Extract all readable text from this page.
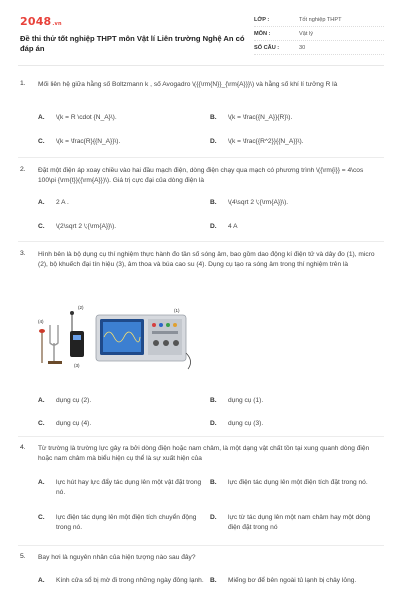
2048.vn
Đề thi thử tốt nghiệp THPT môn Vật lí Liên trường Nghệ An có đáp án
LỚP :	Tốt nghiệp THPT
MÔN :	Vật lý
SỐ CÂU :	30
1. Mối liên hệ giữa hằng số Boltzmann k , số Avogadro \({{\rm{N}}_{\rm{A}}}\) và hằng số khí lí tưởng R là
A. \(k = R \cdot {N_A}\).	B. \(k = \frac{{N_A}}{R}\).
C. \(k = \frac{R}{{N_A}}\).	D. \(k = \frac{{R^2}}{{N_A}}\).
2. Đặt một điện áp xoay chiều vào hai đầu mạch điện, dòng điện chạy qua mạch có phương trình \({\rm{i}} = 4\cos 100\pi {\rm{t}}({\rm{A}})\). Giá trị cực đại của dòng điện là
A. 2 A .	B. \(4\sqrt 2 \;{\rm{A}}\).
C. \(2\sqrt 2 \;{\rm{A}}\).	D. 4 A
3. Hình bên là bộ dụng cụ thí nghiệm thực hành đo tần số sóng âm, bao gồm dao động kí điện tử và dây đo (1), micro (2), bộ khuếch đại tín hiệu (3), âm thoa và búa cao su (4). Dụng cụ tạo ra sóng âm trong thí nghiệm trên là
A. dụng cụ (2).	B. dụng cụ (1).
C. dụng cụ (4).	D. dụng cụ (3).
(2)
(1)
(3)
(4)
4. Từ trường là trường lực gây ra bởi dòng điện hoặc nam châm, là một dạng vật chất tồn tại xung quanh dòng điện hoặc nam châm mà biểu hiện cụ thể là sự xuất hiện của
A. lực hút hay lực đẩy tác dụng lên một vật đặt trong nó.
B. lực điện tác dụng lên một điện tích đặt trong nó.
C. lực điện tác dụng lên một điện tích chuyển động trong nó.
D. lực từ tác dụng lên một nam châm hay một dòng điện đặt trong nó
5. Bay hơi là nguyên nhân của hiện tượng nào sau đây?
A. Kính cửa sổ bị mờ đi trong những ngày đông lạnh. B. Miếng bơ để bên ngoài tủ lạnh bị chảy lỏng.
